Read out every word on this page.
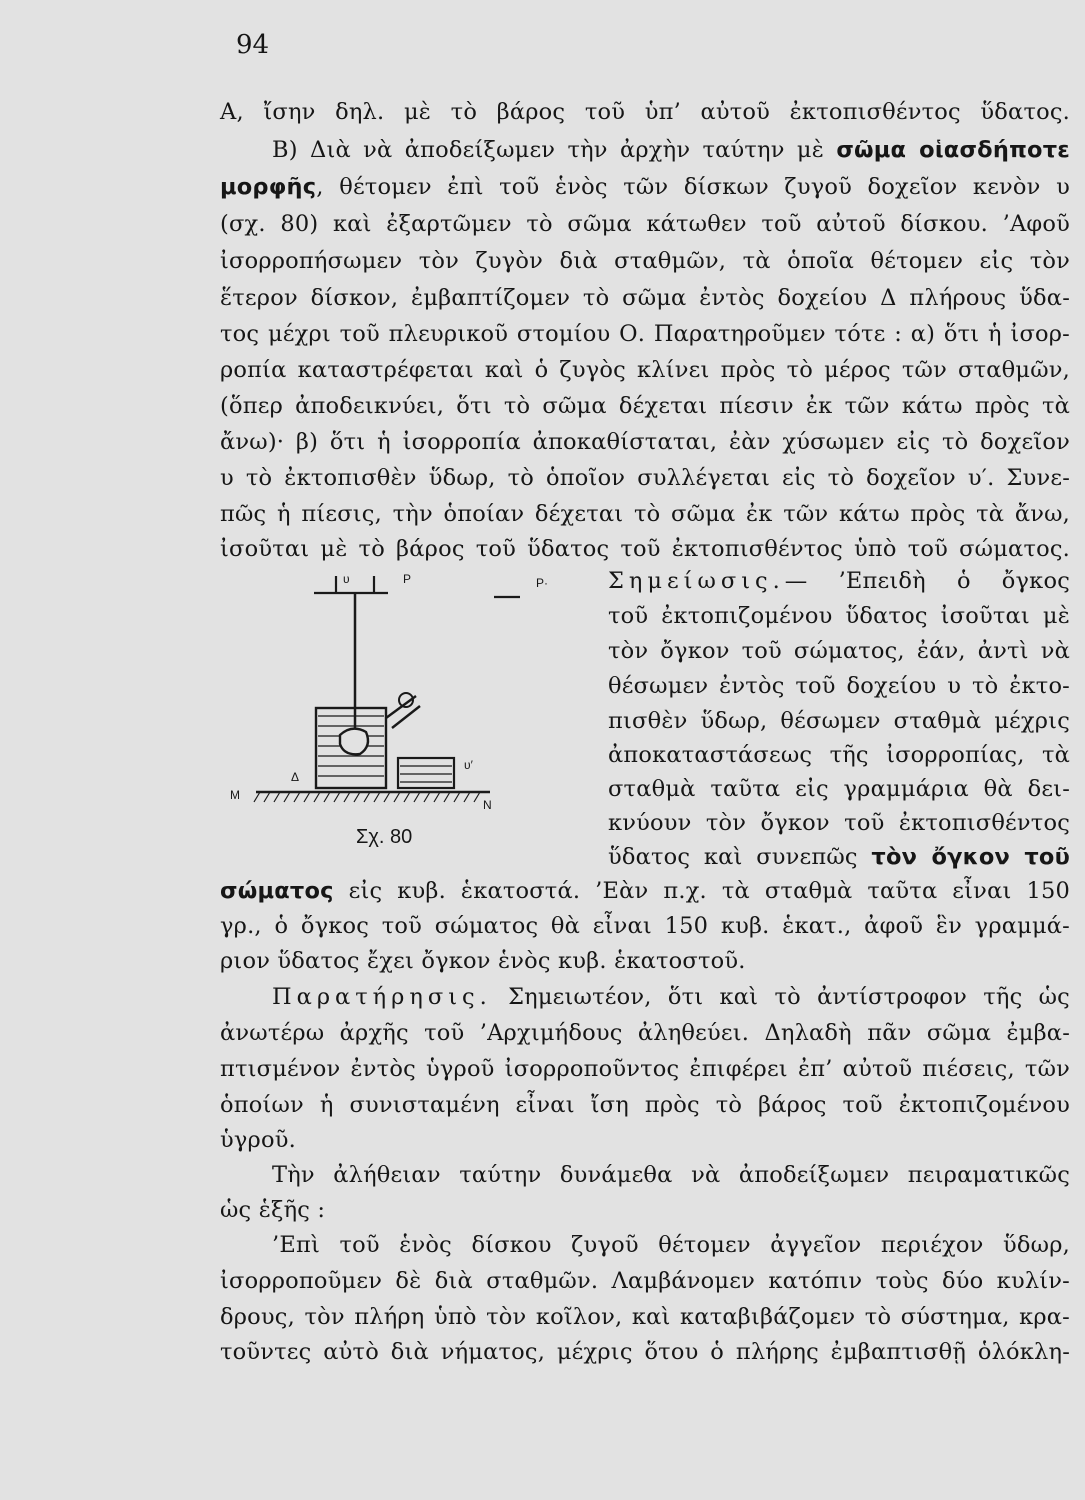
94
Α, ἴσην δηλ. μὲ τὸ βάρος τοῦ ὑπ’ αὐτοῦ ἐκτοπισθέντος ὕδατος.
Β) Διὰ νὰ ἀποδείξωμεν τὴν ἀρχὴν ταύτην μὲ σῶμα οἱασδήποτε
μορφῆς, θέτομεν ἐπὶ τοῦ ἑνὸς τῶν δίσκων ζυγοῦ δοχεῖον κενὸν υ
(σχ. 80) καὶ ἐξαρτῶμεν τὸ σῶμα κάτωθεν τοῦ αὐτοῦ δίσκου. ’Αφοῦ
ἰσορροπήσωμεν τὸν ζυγὸν διὰ σταθμῶν, τὰ ὁποῖα θέτομεν εἰς τὸν
ἕτερον δίσκον, ἐμβαπτίζομεν τὸ σῶμα ἐντὸς δοχείου Δ πλήρους ὕδα-
τος μέχρι τοῦ πλευρικοῦ στομίου Ο. Παρατηροῦμεν τότε : α) ὅτι ἡ ἰσορ-
ροπία καταστρέφεται καὶ ὁ ζυγὸς κλίνει πρὸς τὸ μέρος τῶν σταθμῶν,
(ὅπερ ἀποδεικνύει, ὅτι τὸ σῶμα δέχεται πίεσιν ἐκ τῶν κάτω πρὸς τὰ
ἄνω)· β) ὅτι ἡ ἰσορροπία ἀποκαθίσταται, ἐὰν χύσωμεν εἰς τὸ δοχεῖον
υ τὸ ἐκτοπισθὲν ὕδωρ, τὸ ὁποῖον συλλέγεται εἰς τὸ δοχεῖον υ′. Συνε-
πῶς ἡ πίεσις, τὴν ὁποίαν δέχεται τὸ σῶμα ἐκ τῶν κάτω πρὸς τὰ ἄνω,
ἰσοῦται μὲ τὸ βάρος τοῦ ὕδατος τοῦ ἐκτοπισθέντος ὑπὸ τοῦ σώματος.
υ	P	P·
Δ
υ′
Μ
Ν
Σχ. 80
Σημείωσις.— ’Επειδὴ ὁ ὄγκος
τοῦ ἐκτοπιζομένου ὕδατος ἰσοῦται μὲ
τὸν ὄγκον τοῦ σώματος, ἐάν, ἀντὶ νὰ
θέσωμεν ἐντὸς τοῦ δοχείου υ τὸ ἐκτο-
πισθὲν ὕδωρ, θέσωμεν σταθμὰ μέχρις
ἀποκαταστάσεως τῆς ἰσορροπίας, τὰ
σταθμὰ ταῦτα εἰς γραμμάρια θὰ δει-
κνύουν τὸν ὄγκον τοῦ ἐκτοπισθέντος
ὕδατος καὶ συνεπῶς τὸν ὄγκον τοῦ
σώματος εἰς κυβ. ἑκατοστά. ’Εὰν π.χ. τὰ σταθμὰ ταῦτα εἶναι 150
γρ., ὁ ὄγκος τοῦ σώματος θὰ εἶναι 150 κυβ. ἑκατ., ἀφοῦ ἓν γραμμά-
ριον ὕδατος ἔχει ὄγκον ἑνὸς κυβ. ἑκατοστοῦ.
Παρατήρησις. Σημειωτέον, ὅτι καὶ τὸ ἀντίστροφον τῆς ὡς
ἀνωτέρω ἀρχῆς τοῦ ’Αρχιμήδους ἀληθεύει. Δηλαδὴ πᾶν σῶμα ἐμβα-
πτισμένον ἐντὸς ὑγροῦ ἰσορροποῦντος ἐπιφέρει ἐπ’ αὐτοῦ πιέσεις, τῶν
ὁποίων ἡ συνισταμένη εἶναι ἴση πρὸς τὸ βάρος τοῦ ἐκτοπιζομένου
ὑγροῦ.
Τὴν ἀλήθειαν ταύτην δυνάμεθα νὰ ἀποδείξωμεν πειραματικῶς
ὡς ἑξῆς :
’Επὶ τοῦ ἑνὸς δίσκου ζυγοῦ θέτομεν ἀγγεῖον περιέχον ὕδωρ,
ἰσορροποῦμεν δὲ διὰ σταθμῶν. Λαμβάνομεν κατόπιν τοὺς δύο κυλίν-
δρους, τὸν πλήρη ὑπὸ τὸν κοῖλον, καὶ καταβιβάζομεν τὸ σύστημα, κρα-
τοῦντες αὐτὸ διὰ νήματος, μέχρις ὅτου ὁ πλήρης ἐμβαπτισθῇ ὁλόκλη-
